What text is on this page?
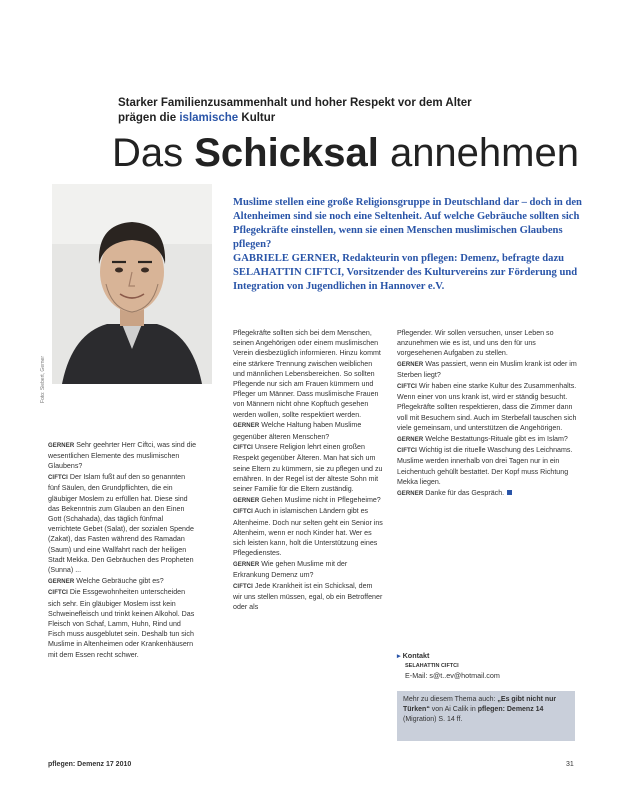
Starker Familienzusammenhalt und hoher Respekt vor dem Alter
prägen die islamische Kultur
Das Schicksal annehmen
Foto: Siebert, Gerner

Muslime stellen eine große Religionsgruppe in Deutschland dar – doch in den Altenheimen sind sie noch eine Seltenheit. Auf welche Gebräuche sollten sich Pflegekräfte einstellen, wenn sie einen Menschen muslimischen Glaubens pflegen?

GABRIELE GERNER, Redakteurin von pflegen: Demenz, befragte dazu SELAHATTIN CIFTCI, Vorsitzender des Kulturvereins zur Förderung und Integration von Jugendlichen in Hannover e.V.

GERNER Sehr geehrter Herr Ciftci, was sind die wesentlichen Elemente des muslimischen Glaubens?

CIFTCI Der Islam fußt auf den so genannten fünf Säulen, den Grundpflichten, die ein gläubiger Moslem zu erfüllen hat. Diese sind das Bekenntnis zum Glauben an den Einen Gott (Schahada), das täglich fünfmal verrichtete Gebet (Salat), der sozialen Spende (Zakat), das Fasten während des Ramadan (Saum) und eine Wallfahrt nach der heiligen Stadt Mekka. Den Gebräuchen des Propheten (Sunna) ...

GERNER Welche Gebräuche gibt es?

CIFTCI Die Essgewohnheiten unterscheiden sich sehr. Ein gläubiger Moslem isst kein Schweinefleisch und trinkt keinen Alkohol. Das Fleisch von Schaf, Lamm, Huhn, Rind und Fisch muss ausgeblutet sein. Deshalb tun sich Muslime in Altenheimen oder Krankenhäusern mit dem Essen recht schwer.

Pflegekräfte sollten sich bei dem Menschen, seinen Angehörigen oder einem muslimischen Verein diesbezüglich informieren. Hinzu kommt eine stärkere Trennung zwischen weiblichen und männlichen Lebensbereichen. So sollten Pflegende nur sich am Frauen kümmern und Pfleger um Männer. Dass muslimische Frauen von Männern nicht ohne Kopftuch gesehen werden wollen, sollte respektiert werden.

GERNER Welche Haltung haben Muslime gegenüber älteren Menschen?

CIFTCI Unsere Religion lehrt einen großen Respekt gegenüber Älteren. Man hat sich um seine Eltern zu kümmern, sie zu pflegen und zu ernähren. In der Regel ist der älteste Sohn mit seiner Familie für die Eltern zuständig.

GERNER Gehen Muslime nicht in Pflegeheime?

CIFTCI Auch in islamischen Ländern gibt es Altenheime. Doch nur selten geht ein Senior ins Altenheim, wenn er noch Kinder hat. Wer es sich leisten kann, holt die Unterstützung eines Pflegedienstes.

GERNER Wie gehen Muslime mit der Erkrankung Demenz um?

CIFTCI Jede Krankheit ist ein Schicksal, dem wir uns stellen müssen, egal, ob ein Betroffener oder als

Pflegender. Wir sollen versuchen, unser Leben so anzunehmen wie es ist, und uns den für uns vorgesehenen Aufgaben zu stellen.

GERNER Was passiert, wenn ein Muslim krank ist oder im Sterben liegt?

CIFTCI Wir haben eine starke Kultur des Zusammenhalts. Wenn einer von uns krank ist, wird er ständig besucht. Pflegekräfte sollten respektieren, dass die Zimmer dann voll mit Besuchern sind. Auch im Sterbefall tauschen sich viele gemeinsam, und unterstützen die Angehörigen.

GERNER Welche Bestattungs-Rituale gibt es im Islam?

CIFTCI Wichtig ist die rituelle Waschung des Leichnams. Muslime werden innerhalb von drei Tagen nur in ein Leichentuch gehüllt bestattet. Der Kopf muss Richtung Mekka liegen.

GERNER Danke für das Gespräch.

▸ Kontakt
SELAHATTIN CIFTCI
E-Mail: s@t..ev@hotmail.com
Mehr zu diesem Thema auch: „Es gibt nicht nur Türken“ von Ai Calik in pflegen: Demenz 14 (Migration) S. 14 ff.
pflegen: Demenz 17 2010	31
